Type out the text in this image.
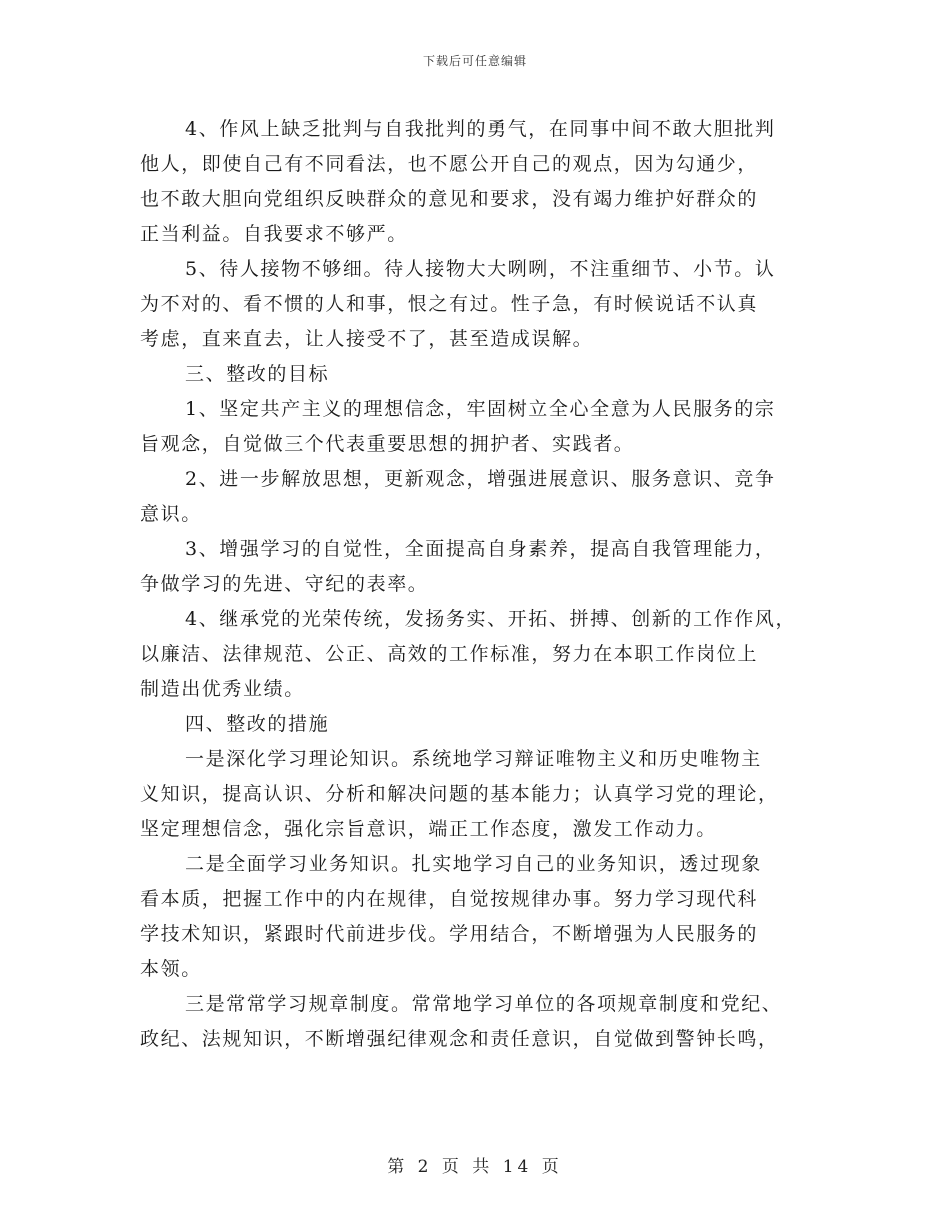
下载后可任意编辑

4、作风上缺乏批判与自我批判的勇气，在同事中间不敢大胆批判
他人，即使自己有不同看法，也不愿公开自己的观点，因为勾通少，
也不敢大胆向党组织反映群众的意见和要求，没有竭力维护好群众的
正当利益。自我要求不够严。

5、待人接物不够细。待人接物大大咧咧，不注重细节、小节。认
为不对的、看不惯的人和事，恨之有过。性子急，有时候说话不认真
考虑，直来直去，让人接受不了，甚至造成误解。

三、整改的目标

1、坚定共产主义的理想信念，牢固树立全心全意为人民服务的宗
旨观念，自觉做三个代表重要思想的拥护者、实践者。

2、进一步解放思想，更新观念，增强进展意识、服务意识、竞争
意识。

3、增强学习的自觉性，全面提高自身素养，提高自我管理能力，
争做学习的先进、守纪的表率。

4、继承党的光荣传统，发扬务实、开拓、拼搏、创新的工作作风，
以廉洁、法律规范、公正、高效的工作标准，努力在本职工作岗位上
制造出优秀业绩。

四、整改的措施

一是深化学习理论知识。系统地学习辩证唯物主义和历史唯物主
义知识，提高认识、分析和解决问题的基本能力；认真学习党的理论，
坚定理想信念，强化宗旨意识，端正工作态度，激发工作动力。

二是全面学习业务知识。扎实地学习自己的业务知识，透过现象
看本质，把握工作中的内在规律，自觉按规律办事。努力学习现代科
学技术知识，紧跟时代前进步伐。学用结合，不断增强为人民服务的
本领。

三是常常学习规章制度。常常地学习单位的各项规章制度和党纪、
政纪、法规知识，不断增强纪律观念和责任意识，自觉做到警钟长鸣，

第 2 页 共 14 页
